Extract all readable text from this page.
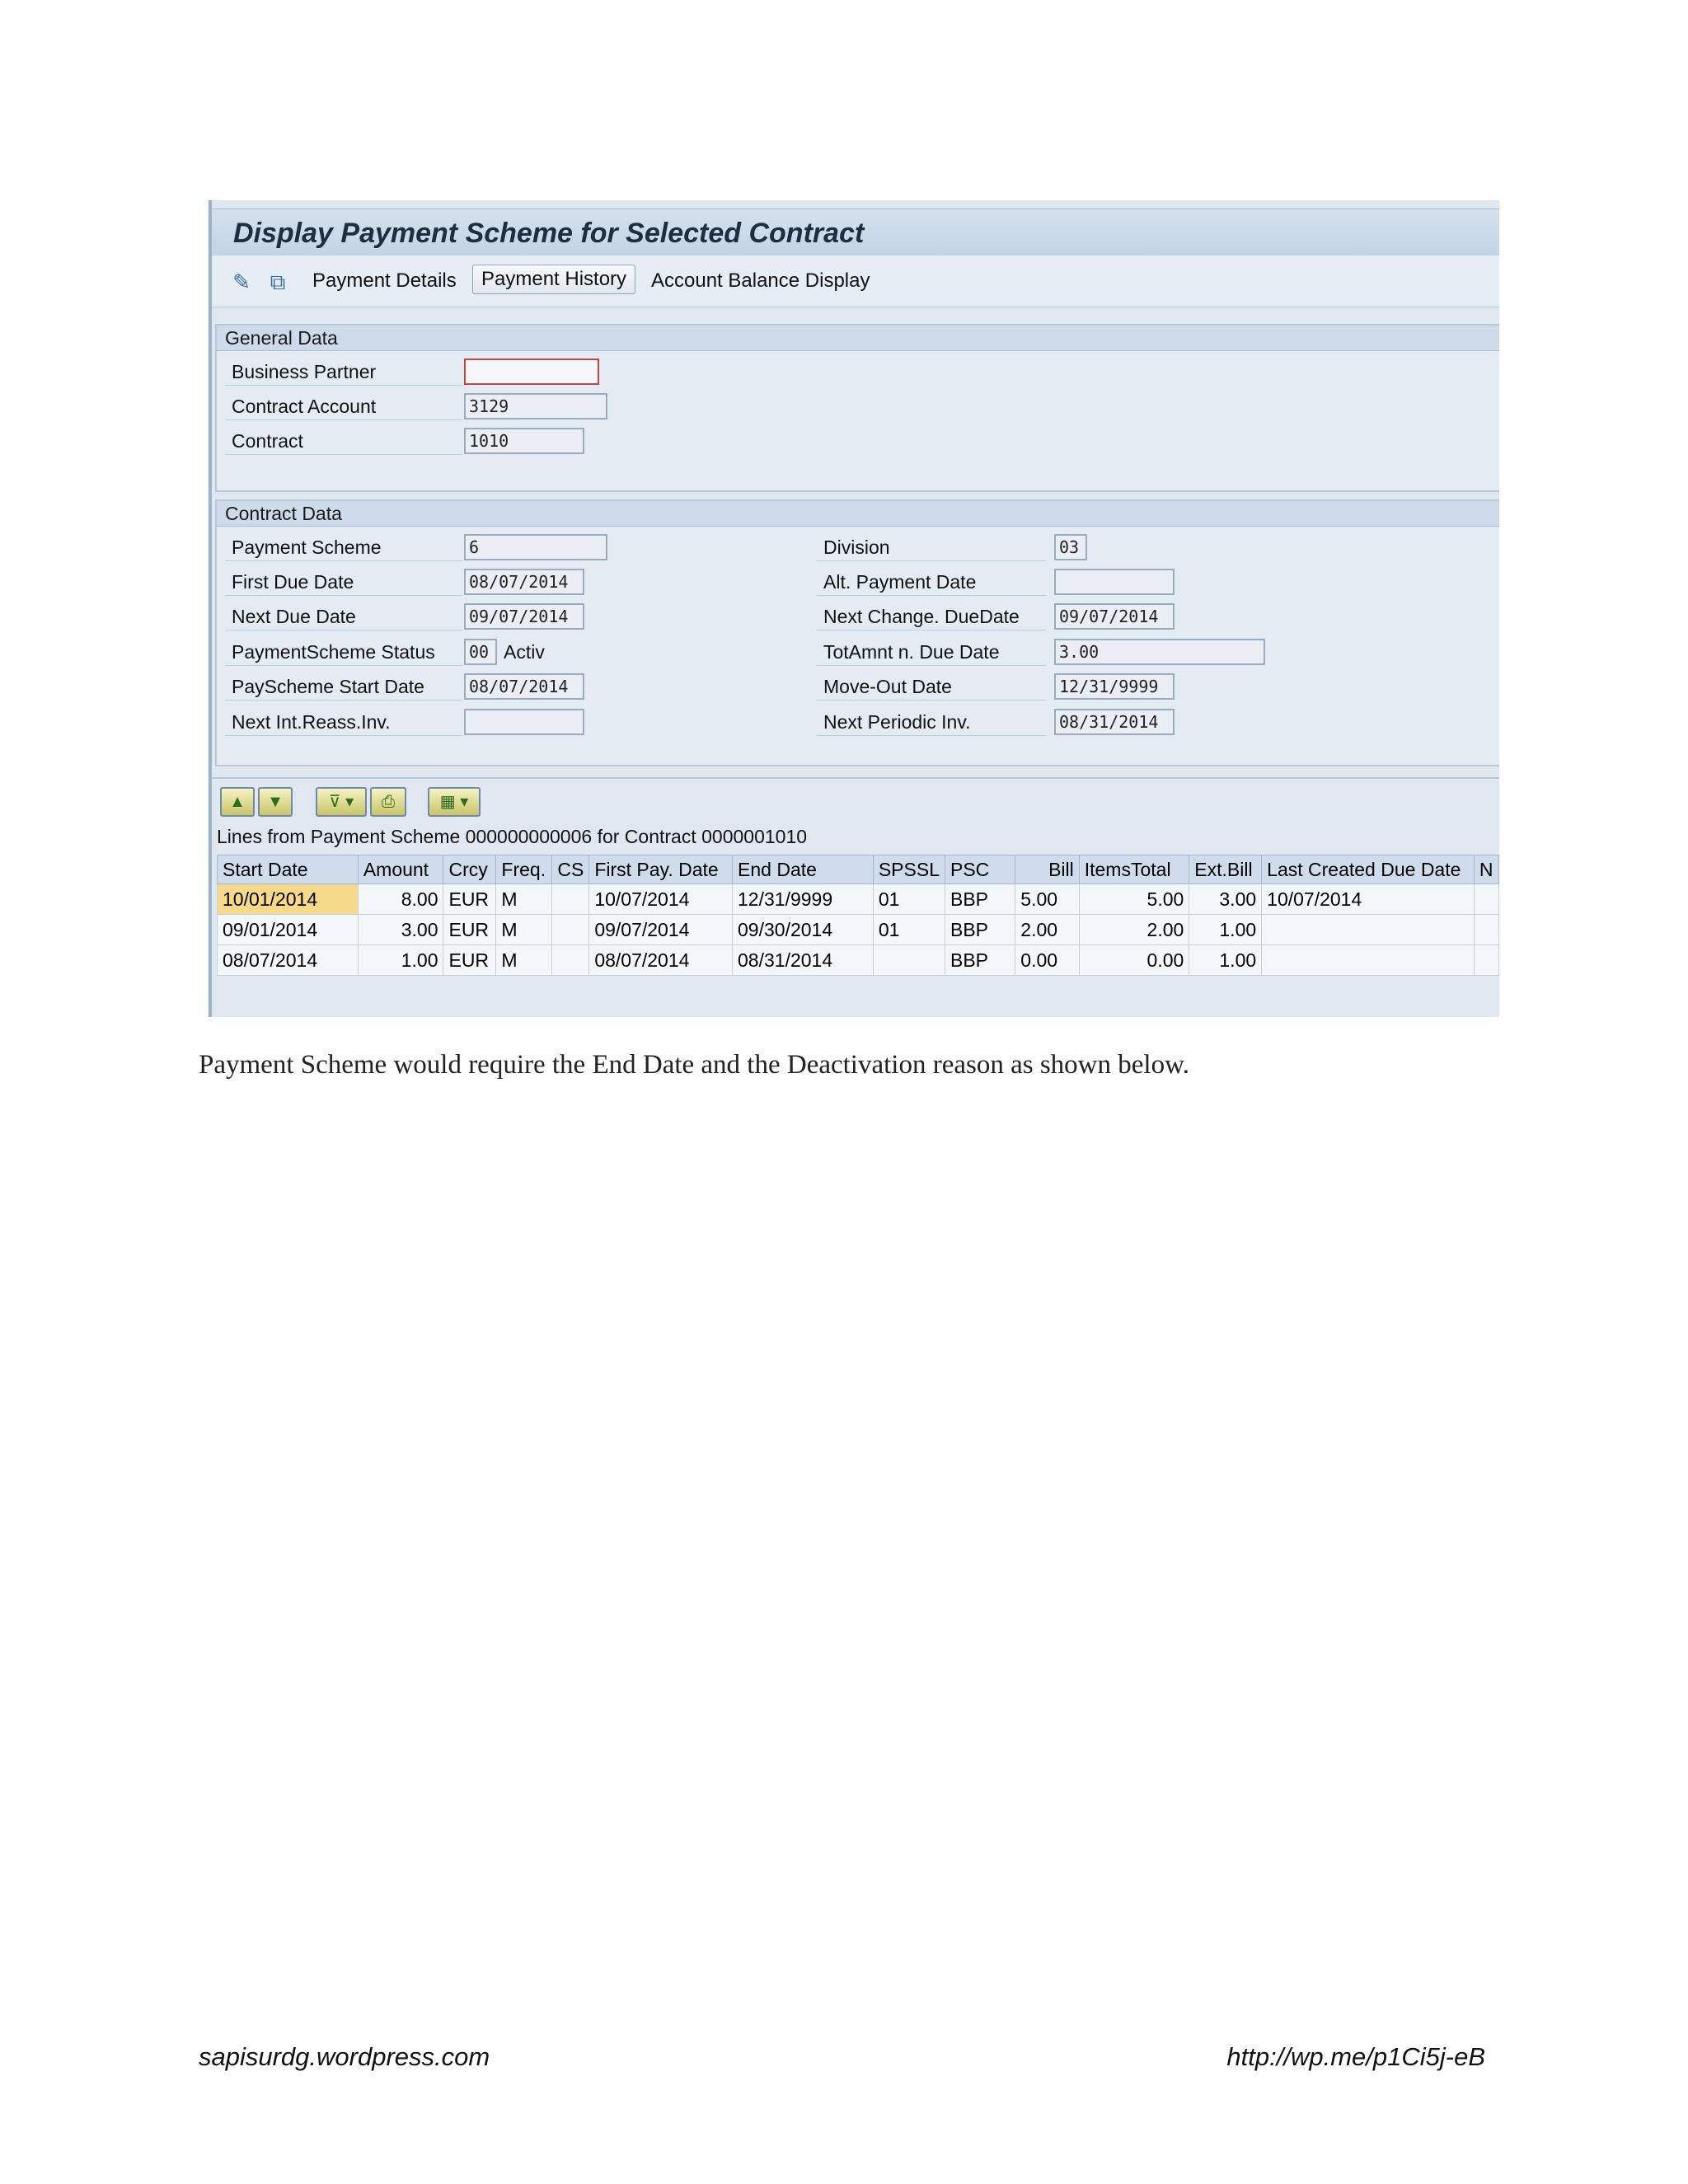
Display Payment Scheme for Selected Contract
✎ ⧉ Payment Details	Payment History	Account Balance Display
General Data
Business Partner
Contract Account	3129
Contract	1010
Contract Data
Payment Scheme	6
First Due Date	08/07/2014
Next Due Date	09/07/2014
PaymentScheme Status	00 Activ
PayScheme Start Date	08/07/2014
Next Int.Reass.Inv.
Division	03
Alt. Payment Date
Next Change. DueDate	09/07/2014
TotAmnt n. Due Date	3.00
Move-Out Date	12/31/9999
Next Periodic Inv.	08/31/2014
▲	▼	⊽ ▾	⎙	▦ ▾
Lines from Payment Scheme 000000000006 for Contract 0000001010
Start Date	Amount	Crcy	Freq.	CS	First Pay. Date	End Date	SPSSL	PSC	Bill	ItemsTotal	Ext.Bill	Last Created Due Date	N
10/01/2014	8.00	EUR	M		10/07/2014	12/31/9999	01	BBP	5.00	5.00	3.00	10/07/2014	
09/01/2014	3.00	EUR	M		09/07/2014	09/30/2014	01	BBP	2.00	2.00	1.00		
08/07/2014	1.00	EUR	M		08/07/2014	08/31/2014		BBP	0.00	0.00	1.00		
Payment Scheme would require the End Date and the Deactivation reason as shown below.
sapisurdg.wordpress.com	http://wp.me/p1Ci5j-eB
